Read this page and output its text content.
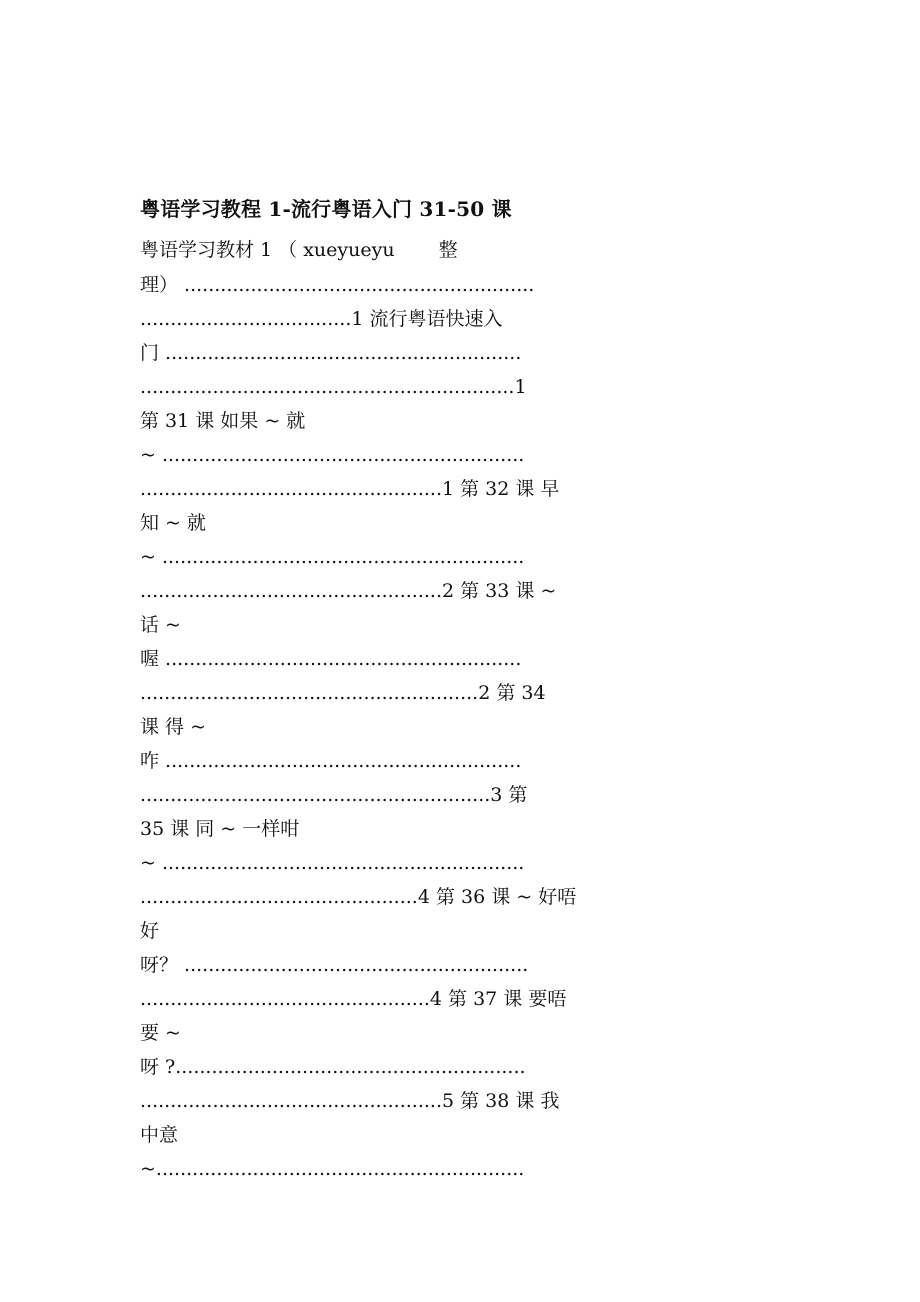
粤语学习教程 1-流行粤语入门 31-50 课
粤语学习教材 1 （ xueyueyu 　　整
理） ..........................................................
...................................1 流行粤语快速入
门 ...........................................................
..............................................................1
第 31 课 如果 ~ 就
~ ............................................................
..................................................1 第 32 课 早
知 ~ 就
~ ............................................................
..................................................2 第 33 课 ~
话 ~
喔 ...........................................................
........................................................2 第 34
课 得 ~
咋 ...........................................................
..........................................................3 第
35 课 同 ~ 一样咁
~ ............................................................
..............................................4 第 36 课 ~ 好唔
好
呀？ .........................................................
................................................4 第 37 课 要唔
要 ~
呀 ?..........................................................
..................................................5 第 38 课 我
中意
~.............................................................
